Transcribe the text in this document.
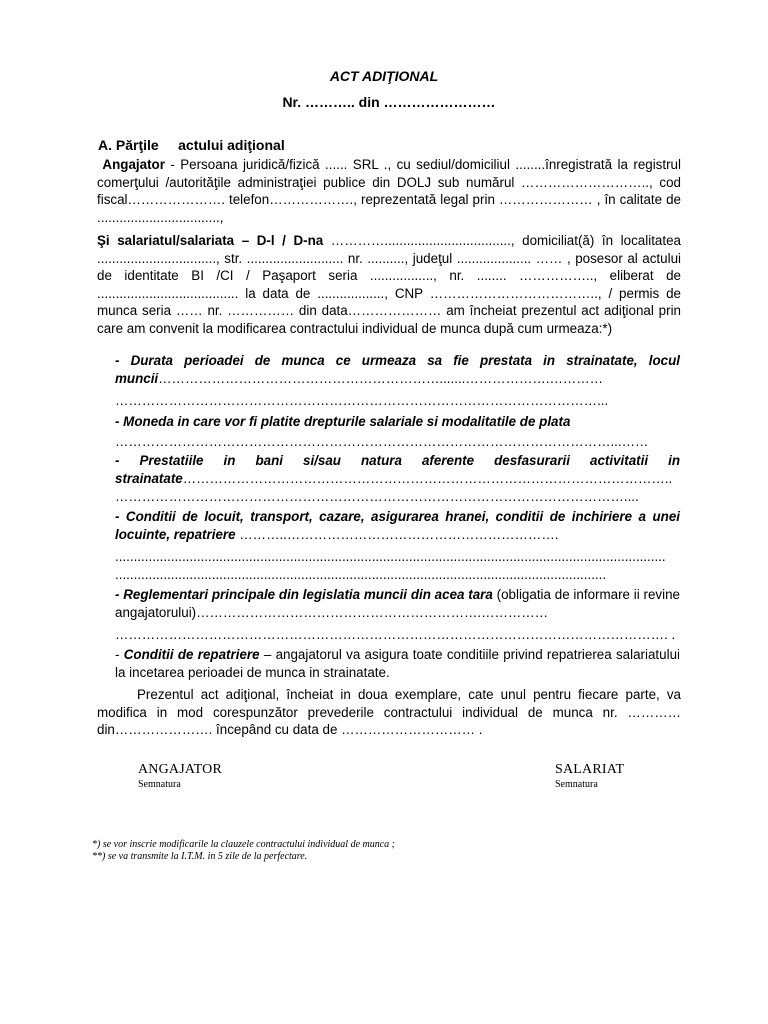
ACT ADIŢIONAL
Nr. ……….. din ……………………
A. Părţile     actului adiţional
Angajator - Persoana juridică/fizică ...... SRL ., cu sediul/domiciliul ........înregistrată la registrul comerţului /autorităţile administraţiei publice din DOLJ sub numărul ……………………….., cod fiscal…………………. telefon………………., reprezentată legal prin ………………… , în calitate de .................................,
Şi salariatul/salariata – D-l / D-na ………….................................., domiciliat(ă) în localitatea ................................, str. .......................... nr. .........., judeţul .................... …… , posesor al actului de identitate BI /CI / Paşaport seria ................., nr. ........ …………….., eliberat de ...................................... la data de .................., CNP ……………………………….., / permis de munca seria …… nr. …………… din data………………… am încheiat prezentul act adiţional prin care am convenit la modificarea contractului individual de munca după cum urmeaza:*)
- Durata perioadei de munca ce urmeaza sa fie prestata in strainatate, locul muncii……………………………………………………….......……………….…………
………………………………………………………………………………………………...
- Moneda in care vor fi platite drepturile salariale si modalitatile de plata
…………………………………………………………………………………………………...……
- Prestatiile in bani si/sau natura aferente desfasurarii activitatii in strainatate………………………………………………………………………………………………..
……………………………………………………………………………………………………....
- Conditii de locuit, transport, cazare, asigurarea hranei, conditii de inchiriere a unei locuinte, repatriere ………..…………………………………………………….
....................................................................................................................................................
....................................................................................................................................
- Reglementari principale din legislatia muncii din acea tara (obligatia de informare ii revine angajatorului)……………………………………………………….……………
……………………………………………………………………………………………………………. .
- Conditii de repatriere – angajatorul va asigura toate conditiile privind repatrierea salariatului la incetarea perioadei de munca in strainatate.
Prezentul act adiţional, încheiat in doua exemplare, cate unul pentru fiecare parte, va modifica in mod corespunzător prevederile contractului individual de munca nr. …………din…………………. începând cu data de ………………………… .
ANGAJATOR
Semnatura
SALARIAT
Semnatura
*) se vor inscrie modificarile la clauzele contractului individual de munca ;
**) se va transmite la I.T.M. in 5 zile de la perfectare.
